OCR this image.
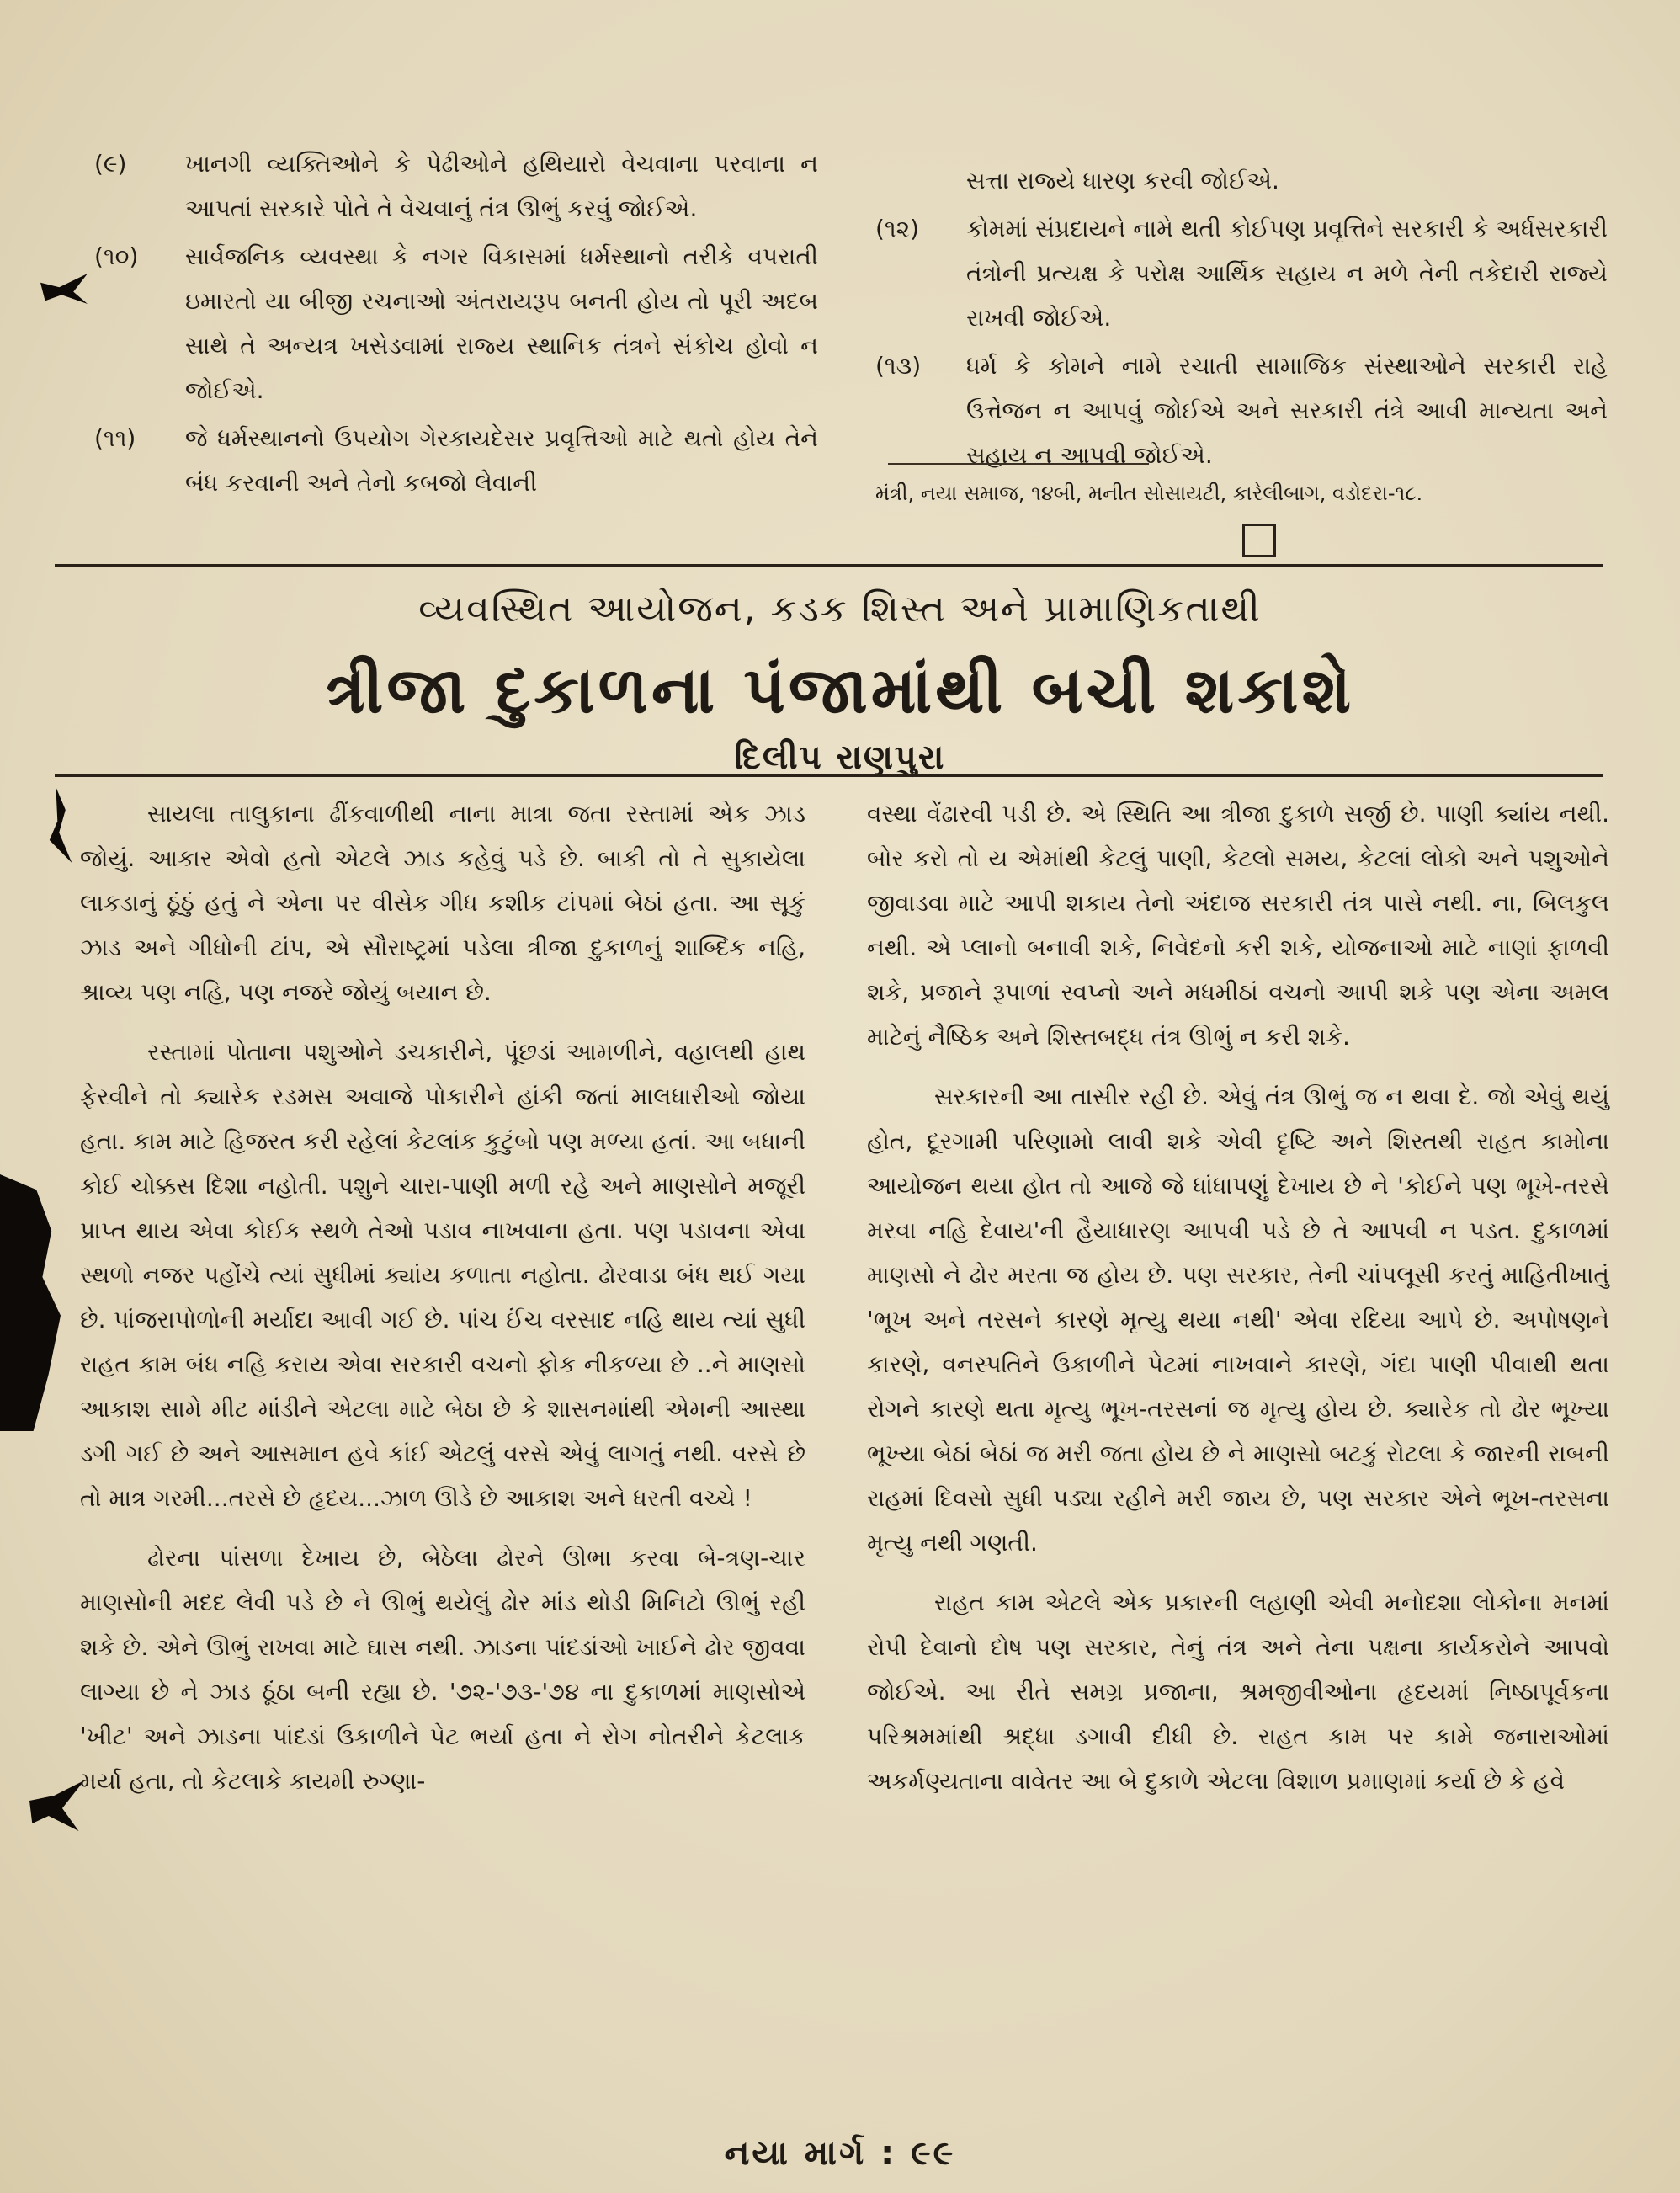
(૯)	ખાનગી વ્યક્તિઓને કે પેઢીઓને હથિયારો વેચવાના પરવાના ન આપતાં સરકારે પોતે તે વેચવાનું તંત્ર ઊભું કરવું જોઈએ.
(૧૦)	સાર્વજનિક વ્યવસ્થા કે નગર વિકાસમાં ધર્મસ્થાનો તરીકે વપરાતી ઇમારતો યા બીજી રચનાઓ અંતરાયરૂપ બનતી હોય તો પૂરી અદબ સાથે તે અન્યત્ર ખસેડવામાં રાજ્ય સ્થાનિક તંત્રને સંકોચ હોવો ન જોઈએ.
(૧૧)	જે ધર્મસ્થાનનો ઉપયોગ ગેરકાયદેસર પ્રવૃત્તિઓ માટે થતો હોય તેને બંધ કરવાની અને તેનો કબજો લેવાની
સત્તા રાજ્યે ધારણ કરવી જોઈએ.
(૧૨)	કોમમાં સંપ્રદાયને નામે થતી કોઈપણ પ્રવૃત્તિને સરકારી કે અર્ધસરકારી તંત્રોની પ્રત્યક્ષ કે પરોક્ષ આર્થિક સહાય ન મળે તેની તકેદારી રાજ્યે રાખવી જોઈએ.
(૧૩)	ધર્મ કે કોમને નામે રચાતી સામાજિક સંસ્થાઓને સરકારી રાહે ઉત્તેજન ન આપવું જોઈએ અને સરકારી તંત્રે આવી માન્યતા અને સહાય ન આપવી જોઈએ.
મંત્રી, નયા સમાજ, ૧૪બી, મનીત સોસાયટી, કારેલીબાગ, વડોદરા-૧૮.
વ્યવસ્થિત આયોજન, કડક શિસ્ત અને પ્રામાણિકતાથી
ત્રીજા દુકાળના પંજામાંથી બચી શકાશે
દિલીપ રાણપુરા

સાયલા તાલુકાના ઢીંકવાળીથી નાના માત્રા જતા રસ્તામાં એક ઝાડ જોયું. આકાર એવો હતો એટલે ઝાડ કહેવું પડે છે. બાકી તો તે સુકાયેલા લાકડાનું ઠૂંઠું હતું ને એના પર વીસેક ગીધ કશીક ટાંપમાં બેઠાં હતા. આ સૂકું ઝાડ અને ગીધોની ટાંપ, એ સૌરાષ્ટ્રમાં પડેલા ત્રીજા દુકાળનું શાબ્દિક નહિ, શ્રાવ્ય પણ નહિ, પણ નજરે જોયું બયાન છે.

રસ્તામાં પોતાના પશુઓને ડચકારીને, પૂંછડાં આમળીને, વહાલથી હાથ ફેરવીને તો ક્યારેક રડમસ અવાજે પોકારીને હાંકી જતાં માલધારીઓ જોયા હતા. કામ માટે હિજરત કરી રહેલાં કેટલાંક કુટુંબો પણ મળ્યા હતાં. આ બધાની કોઈ ચોક્કસ દિશા નહોતી. પશુને ચારા-પાણી મળી રહે અને માણસોને મજૂરી પ્રાપ્ત થાય એવા કોઈક સ્થળે તેઓ પડાવ નાખવાના હતા. પણ પડાવના એવા સ્થળો નજર પહોંચે ત્યાં સુધીમાં ક્યાંય કળાતા નહોતા. ઢોરવાડા બંધ થઈ ગયા છે. પાંજરાપોળોની મર્યાદા આવી ગઈ છે. પાંચ ઈંચ વરસાદ નહિ થાય ત્યાં સુધી રાહત કામ બંધ નહિ કરાય એવા સરકારી વચનો ફોક નીકળ્યા છે ..ને માણસો આકાશ સામે મીટ માંડીને એટલા માટે બેઠા છે કે શાસનમાંથી એમની આસ્થા ડગી ગઈ છે અને આસમાન હવે કાંઈ એટલું વરસે એવું લાગતું નથી. વરસે છે તો માત્ર ગરમી...તરસે છે હૃદય...ઝાળ ઊડે છે આકાશ અને ધરતી વચ્ચે !

ઢોરના પાંસળા દેખાય છે, બેઠેલા ઢોરને ઊભા કરવા બે-ત્રણ-ચાર માણસોની મદદ લેવી પડે છે ને ઊભું થયેલું ઢોર માંડ થોડી મિનિટો ઊભું રહી શકે છે. એને ઊભું રાખવા માટે ઘાસ નથી. ઝાડના પાંદડાંઓ ખાઈને ઢોર જીવવા લાગ્યા છે ને ઝાડ ઠૂંઠા બની રહ્યા છે. '૭૨-'૭૩-'૭૪ ના દુકાળમાં માણસોએ 'ખીટ' અને ઝાડના પાંદડાં ઉકાળીને પેટ ભર્યા હતા ને રોગ નોતરીને કેટલાક મર્યા હતા, તો કેટલાકે કાયમી રુગ્ણા-

વસ્થા વેંઢારવી પડી છે. એ સ્થિતિ આ ત્રીજા દુકાળે સર્જી છે. પાણી ક્યાંય નથી. બોર કરો તો ય એમાંથી કેટલું પાણી, કેટલો સમય, કેટલાં લોકો અને પશુઓને જીવાડવા માટે આપી શકાય તેનો અંદાજ સરકારી તંત્ર પાસે નથી. ના, બિલકુલ નથી. એ પ્લાનો બનાવી શકે, નિવેદનો કરી શકે, યોજનાઓ માટે નાણાં ફાળવી શકે, પ્રજાને રૂપાળાં સ્વપ્નો અને મધમીઠાં વચનો આપી શકે પણ એના અમલ માટેનું નૈષ્ઠિક અને શિસ્તબદ્ધ તંત્ર ઊભું ન કરી શકે.

સરકારની આ તાસીર રહી છે. એવું તંત્ર ઊભું જ ન થવા દે. જો એવું થયું હોત, દૂરગામી પરિણામો લાવી શકે એવી દૃષ્ટિ અને શિસ્તથી રાહત કામોના આયોજન થયા હોત તો આજે જે ધાંધાપણું દેખાય છે ને 'કોઈને પણ ભૂખે-તરસે મરવા નહિ દેવાય'ની હૈયાધારણ આપવી પડે છે તે આપવી ન પડત. દુકાળમાં માણસો ને ઢોર મરતા જ હોય છે. પણ સરકાર, તેની ચાંપલૂસી કરતું માહિતીખાતું 'ભૂખ અને તરસને કારણે મૃત્યુ થયા નથી' એવા રદિયા આપે છે. અપોષણને કારણે, વનસ્પતિને ઉકાળીને પેટમાં નાખવાને કારણે, ગંદા પાણી પીવાથી થતા રોગને કારણે થતા મૃત્યુ ભૂખ-તરસનાં જ મૃત્યુ હોય છે. ક્યારેક તો ઢોર ભૂખ્યા ભૂખ્યા બેઠાં બેઠાં જ મરી જતા હોય છે ને માણસો બટકું રોટલા કે જારની રાબની રાહમાં દિવસો સુધી પડ્યા રહીને મરી જાય છે, પણ સરકાર એને ભૂખ-તરસના મૃત્યુ નથી ગણતી.

રાહત કામ એટલે એક પ્રકારની લહાણી એવી મનોદશા લોકોના મનમાં રોપી દેવાનો દોષ પણ સરકાર, તેનું તંત્ર અને તેના પક્ષના કાર્યકરોને આપવો જોઈએ. આ રીતે સમગ્ર પ્રજાના, શ્રમજીવીઓના હૃદયમાં નિષ્ઠાપૂર્વકના પરિશ્રમમાંથી શ્રદ્ધા ડગાવી દીધી છે. રાહત કામ પર કામે જનારાઓમાં અકર્મણ્યતાના વાવેતર આ બે દુકાળે એટલા વિશાળ પ્રમાણમાં કર્યા છે કે હવે

નયા માર્ગ : ૯૯
